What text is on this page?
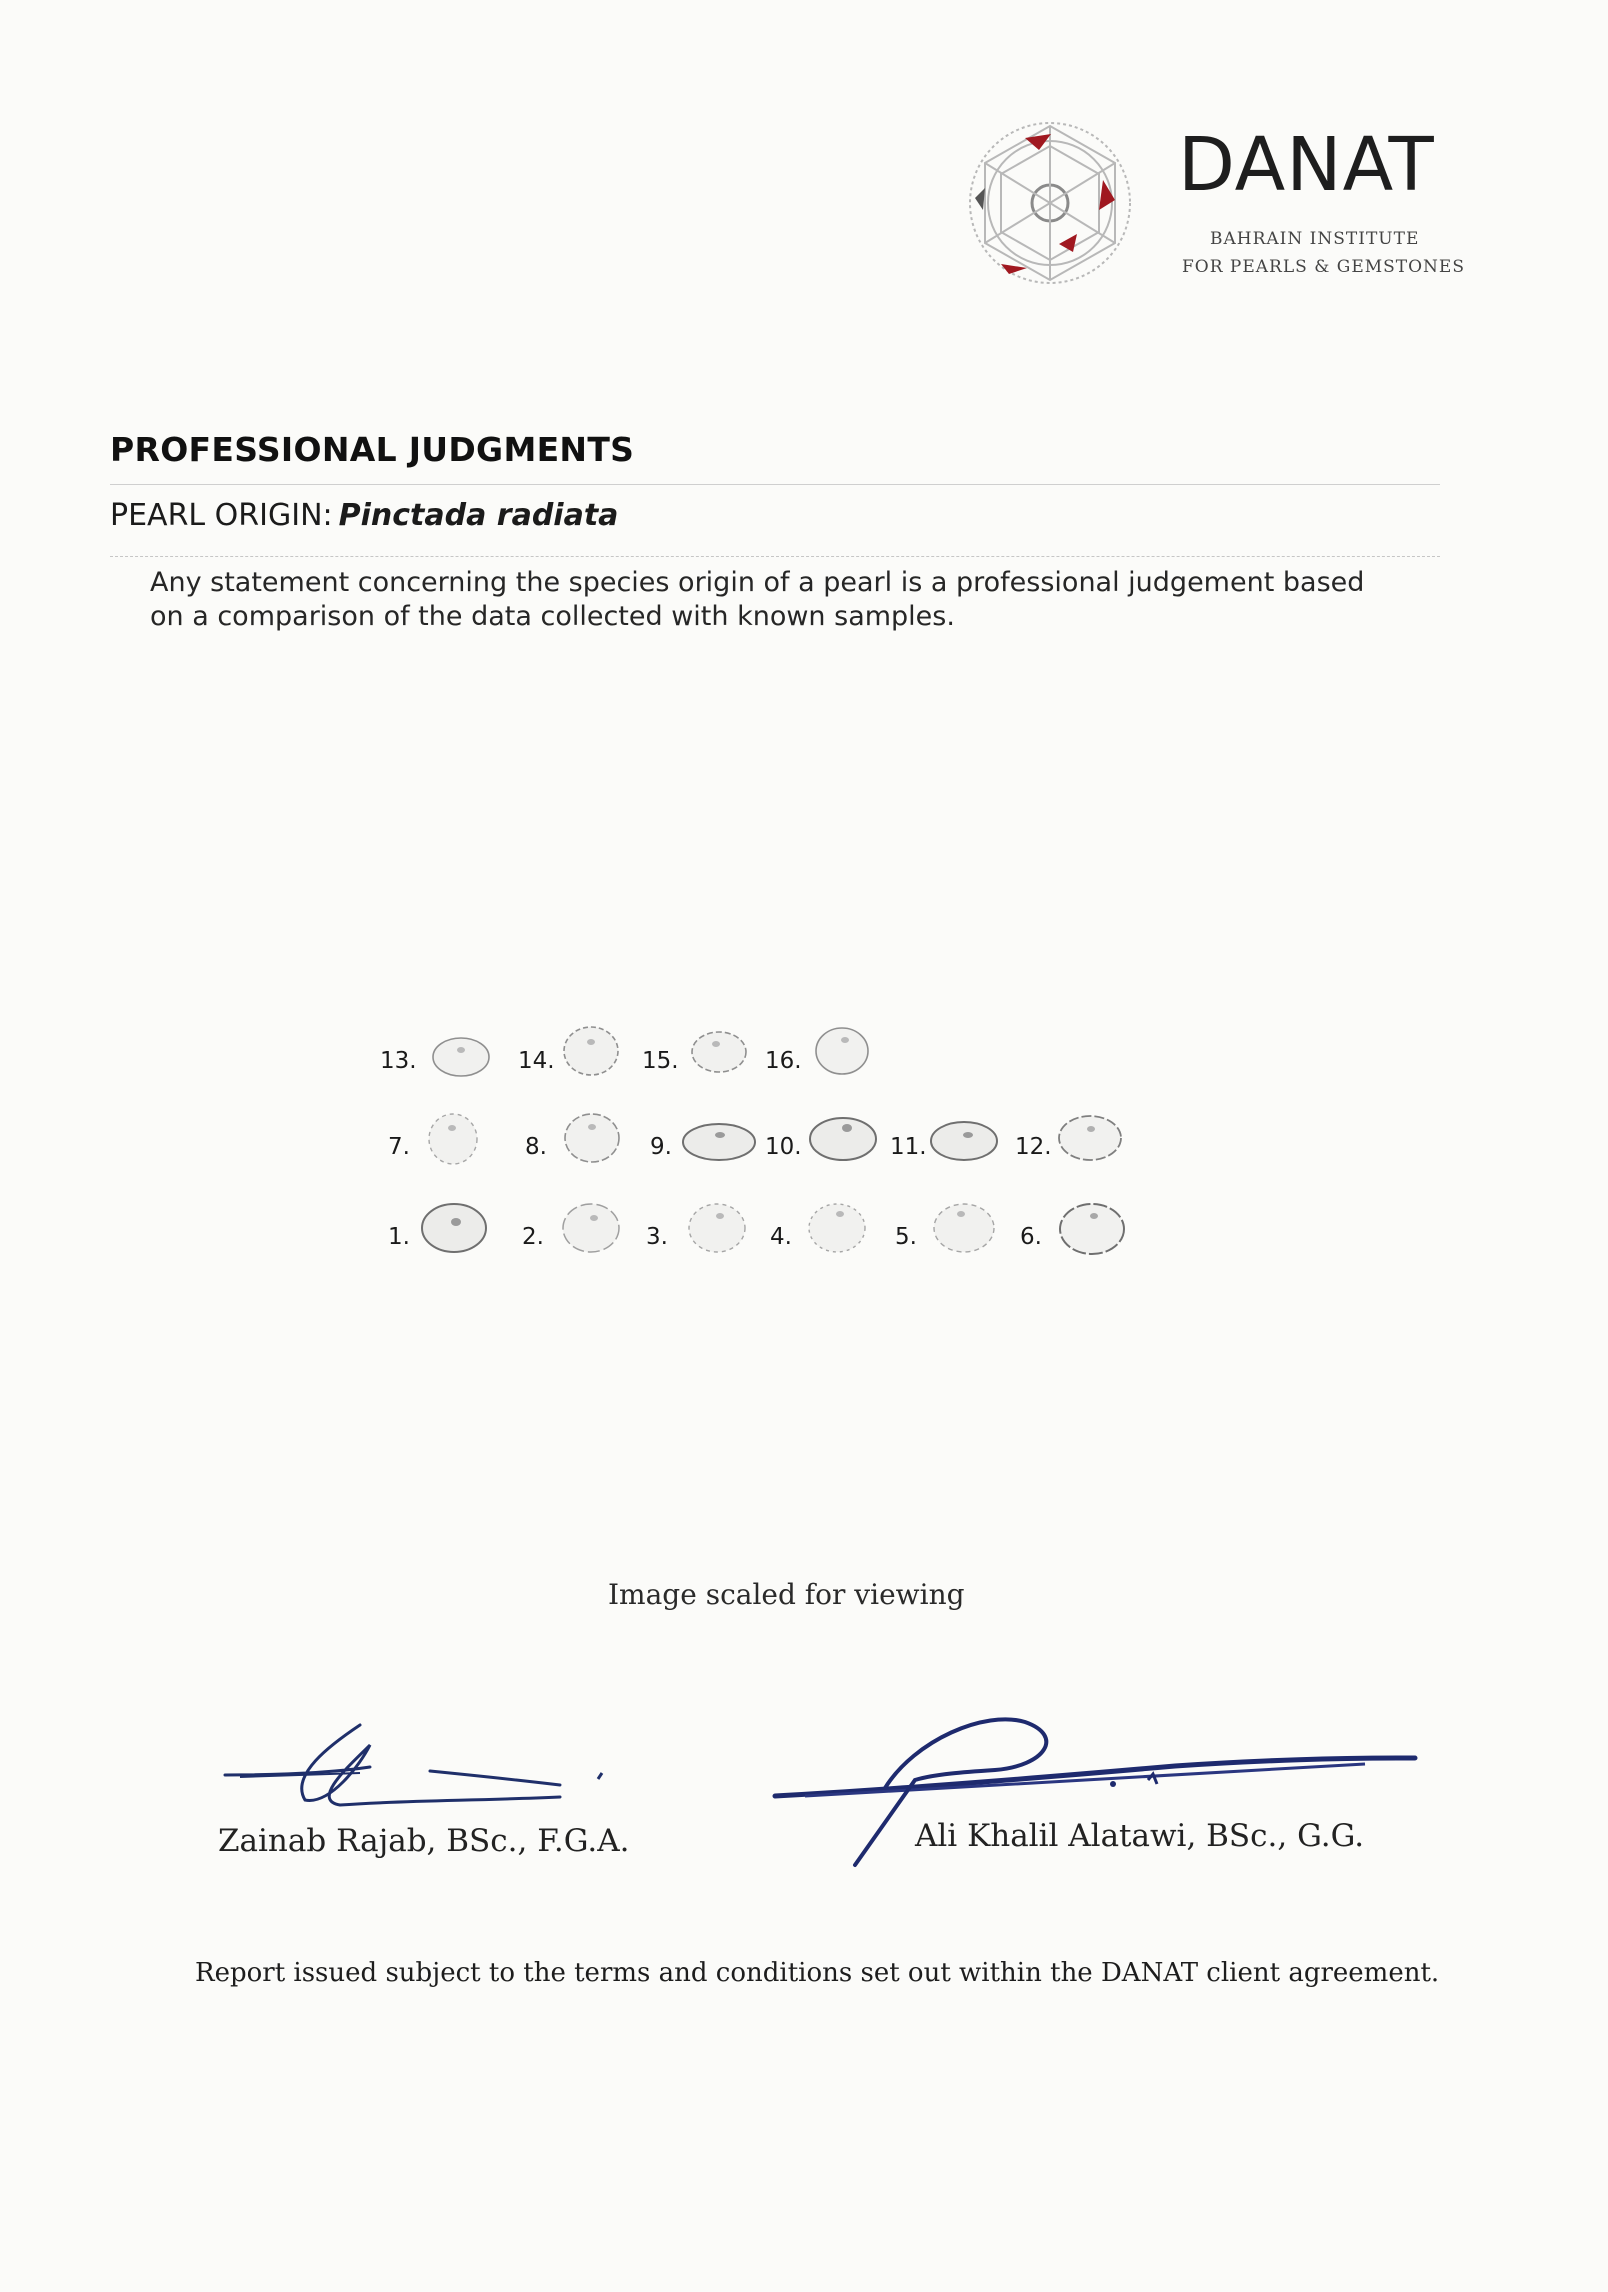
DANAT
BAHRAIN INSTITUTE
FOR PEARLS & GEMSTONES
PROFESSIONAL JUDGMENTS
PEARL ORIGIN: Pinctada radiata
Any statement concerning the species origin of a pearl is a professional judgement based on a comparison of the data collected with known samples.
13.	14.	15.	16.
7.	8.	9.	10.	11.	12.
1.	2.	3.	4.	5.	6.
Image scaled for viewing
Zainab Rajab, BSc., F.G.A.	Ali Khalil Alatawi, BSc., G.G.
Report issued subject to the terms and conditions set out within the DANAT client agreement.
